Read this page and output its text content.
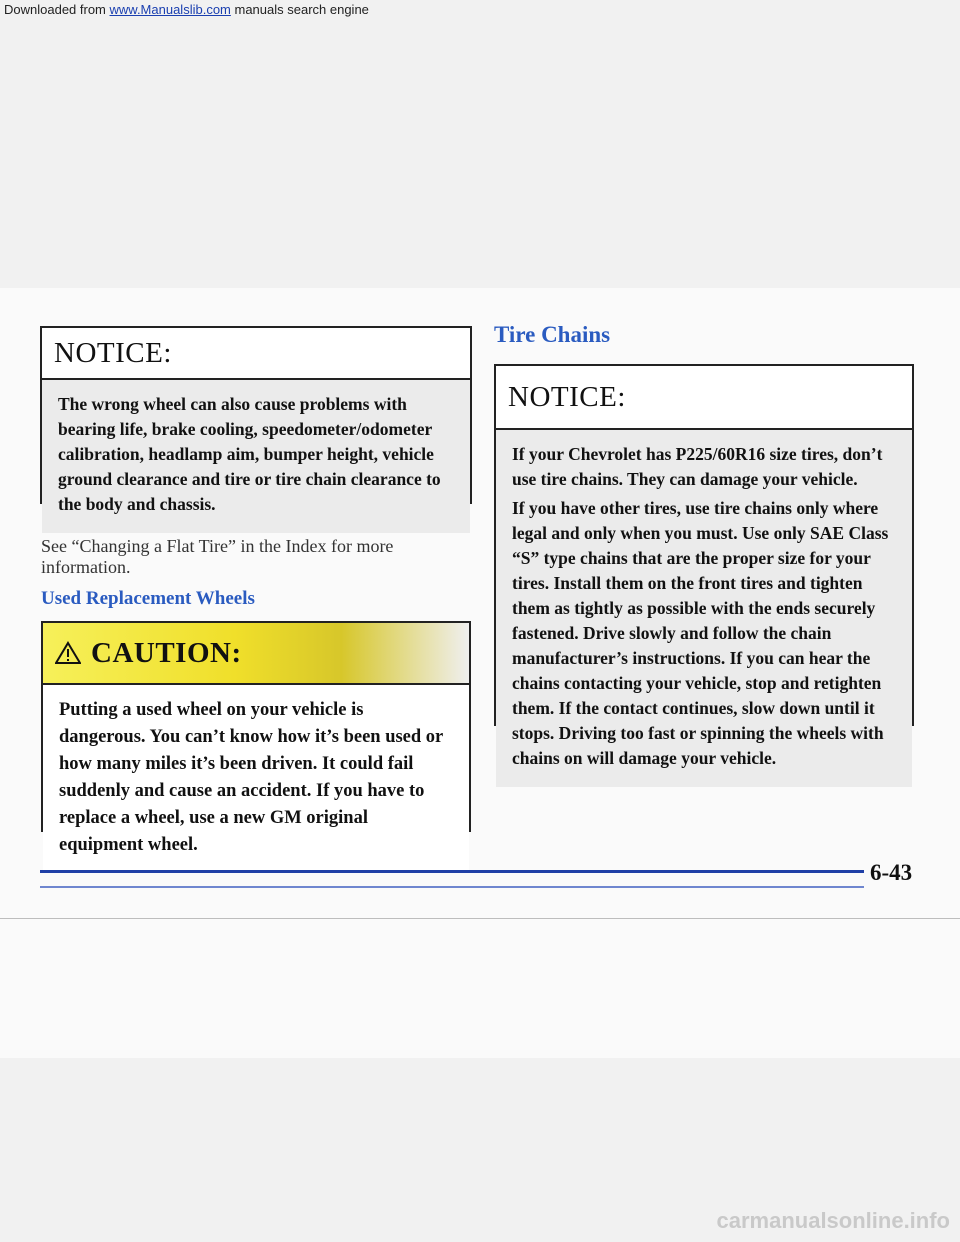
Downloaded from www.Manualslib.com manuals search engine
NOTICE:

The wrong wheel can also cause problems with bearing life, brake cooling, speedometer/odometer calibration, headlamp aim, bumper height, vehicle ground clearance and tire or tire chain clearance to the body and chassis.

See “Changing a Flat Tire” in the Index for more information.
Used Replacement Wheels
CAUTION:
Putting a used wheel on your vehicle is dangerous. You can’t know how it’s been used or how many miles it’s been driven. It could fail suddenly and cause an accident. If you have to replace a wheel, use a new GM original equipment wheel.
Tire Chains
NOTICE:

If your Chevrolet has P225/60R16 size tires, don’t use tire chains. They can damage your vehicle.

If you have other tires, use tire chains only where legal and only when you must. Use only SAE Class “S” type chains that are the proper size for your tires. Install them on the front tires and tighten them as tightly as possible with the ends securely fastened. Drive slowly and follow the chain manufacturer’s instructions. If you can hear the chains contacting your vehicle, stop and retighten them. If the contact continues, slow down until it stops. Driving too fast or spinning the wheels with chains on will damage your vehicle.

6-43
carmanualsonline.info
